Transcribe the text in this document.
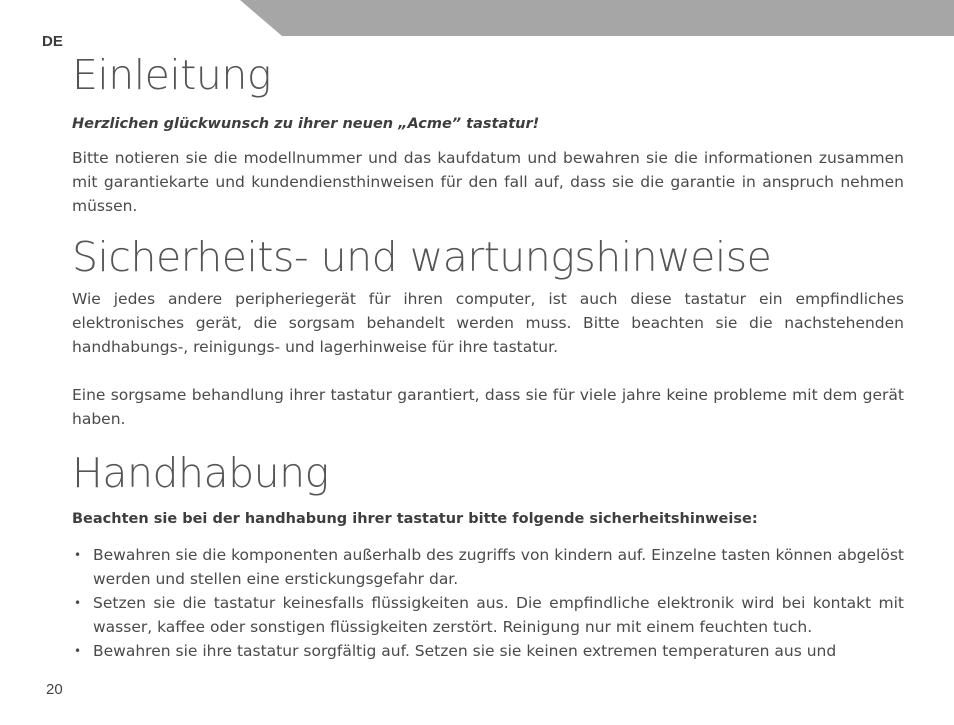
DE
Einleitung
Herzlichen glückwunsch zu ihrer neuen „Acme” tastatur!

Bitte notieren sie die modellnummer und das kaufdatum und bewahren sie die informationen zusammen mit garantiekarte und kundendiensthinweisen für den fall auf, dass sie die garantie in anspruch nehmen müssen.

Sicherheits- und wartungshinweise

Wie jedes andere peripheriegerät für ihren computer, ist auch diese tastatur ein empfindliches elektronisches gerät, die sorgsam behandelt werden muss. Bitte beachten sie die nachstehenden handhabungs-, reinigungs- und lagerhinweise für ihre tastatur.

Eine sorgsame behandlung ihrer tastatur garantiert, dass sie für viele jahre keine probleme mit dem gerät haben.

Handhabung
Beachten sie bei der handhabung ihrer tastatur bitte folgende sicherheitshinweise:
• Bewahren sie die komponenten außerhalb des zugriffs von kindern auf. Einzelne tasten können abgelöst werden und stellen eine erstickungsgefahr dar.
• Setzen sie die tastatur keinesfalls flüssigkeiten aus. Die empfindliche elektronik wird bei kontakt mit wasser, kaffee oder sonstigen flüssigkeiten zerstört. Reinigung nur mit einem feuchten tuch.
• Bewahren sie ihre tastatur sorgfältig auf. Setzen sie sie keinen extremen temperaturen aus und
20
